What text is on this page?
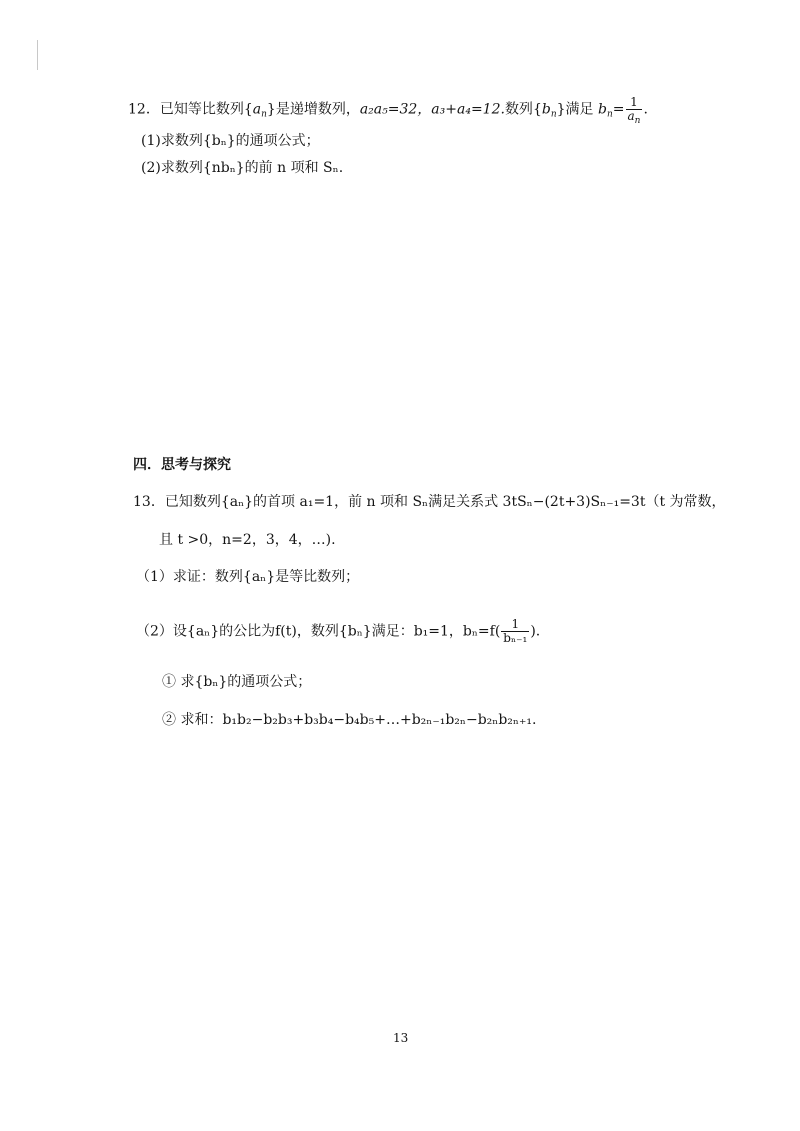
12．已知等比数列$\{a_n\}$是递增数列，a₂a₅=32，a₃+a₄=12.数列$\{b_n\}$满足 $b_n= \frac{1}{a_n}$ .
(1)求数列{bₙ}的通项公式；
(2)求数列{nbₙ}的前 n 项和 Sₙ.
四．思考与探究
13．已知数列{aₙ}的首项 a₁=1，前 n 项和 Sₙ满足关系式 3tSₙ−(2t+3)Sₙ₋₁=3t（t 为常数，
且 t >0，n=2，3，4，…).
（1）求证：数列{aₙ}是等比数列；
（2）设{aₙ}的公比为f(t)，数列{bₙ}满足：b₁=1，$b_n=f( \frac{1}{\text{bₙ₋₁}}$ ).
① 求{bₙ}的通项公式；
② 求和：b₁b₂−b₂b₃+b₃b₄−b₄b₅+…+b₂ₙ₋₁b₂ₙ−b₂ₙb₂ₙ₊₁.
13
